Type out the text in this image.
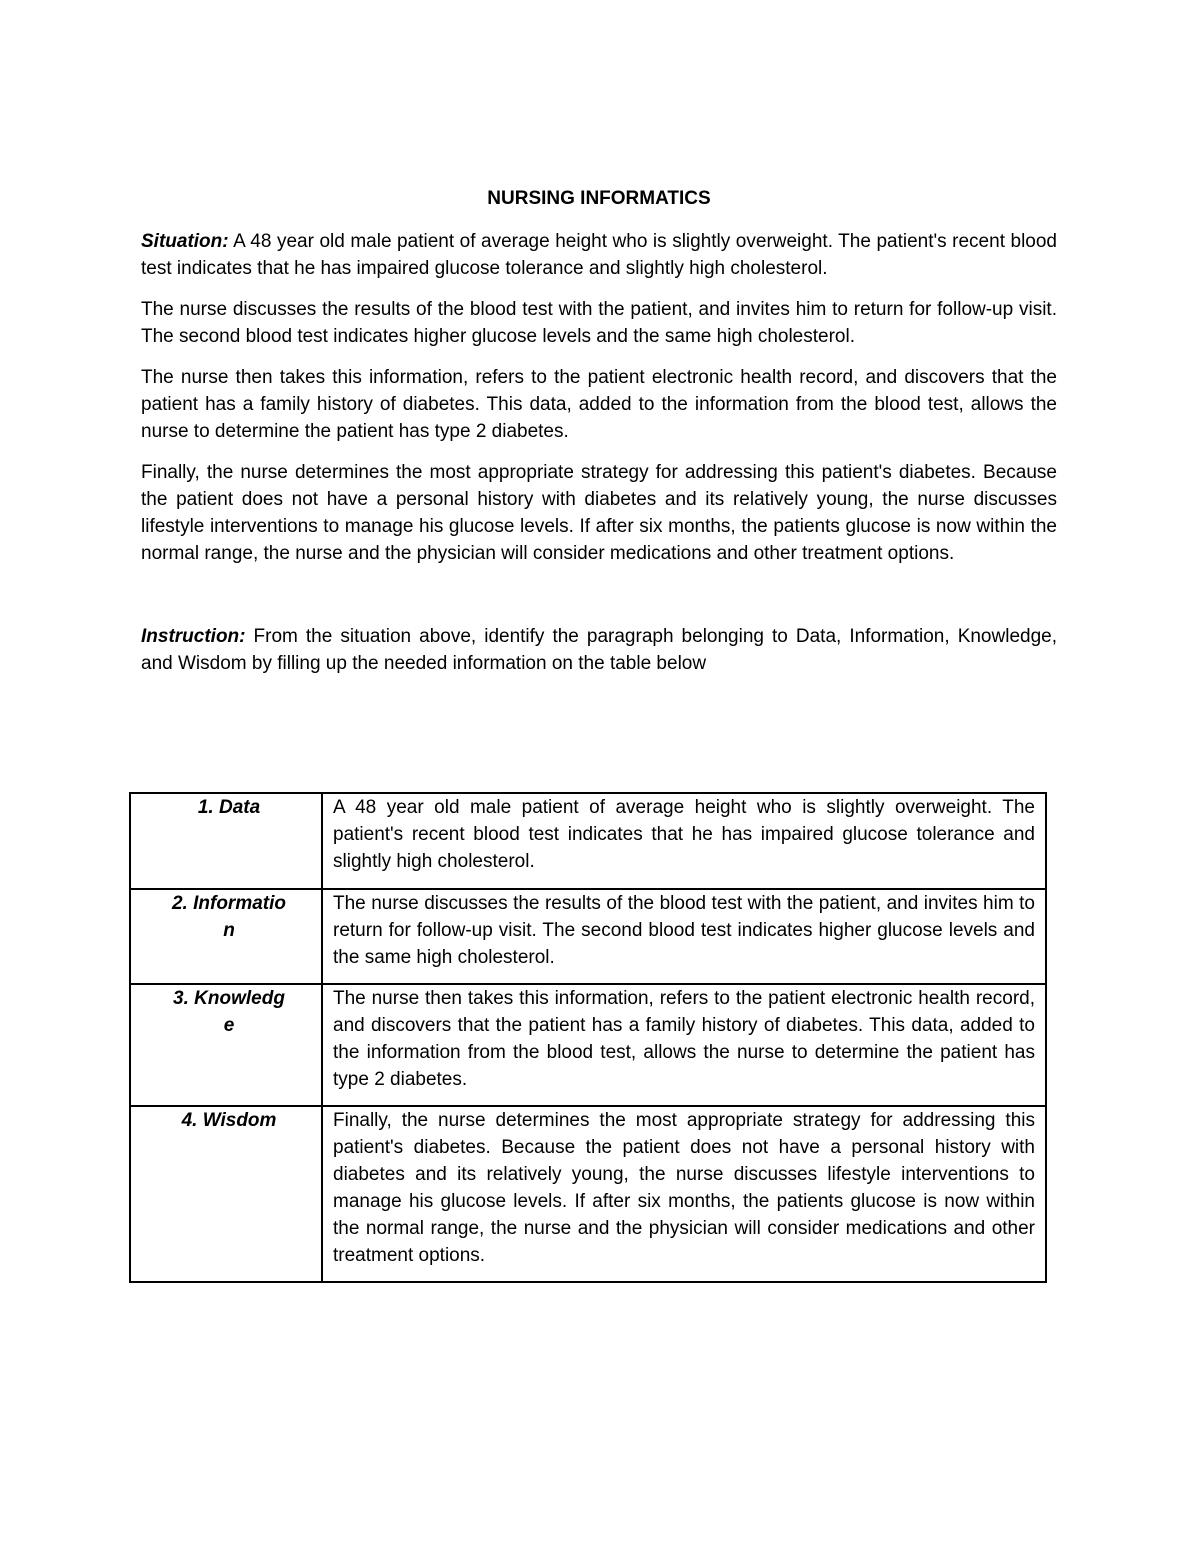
NURSING INFORMATICS

Situation: A 48 year old male patient of average height who is slightly overweight. The patient's recent blood test indicates that he has impaired glucose tolerance and slightly high cholesterol.

The nurse discusses the results of the blood test with the patient, and invites him to return for follow-up visit. The second blood test indicates higher glucose levels and the same high cholesterol.

The nurse then takes this information, refers to the patient electronic health record, and discovers that the patient has a family history of diabetes. This data, added to the information from the blood test, allows the nurse to determine the patient has type 2 diabetes.

Finally, the nurse determines the most appropriate strategy for addressing this patient's diabetes. Because the patient does not have a personal history with diabetes and its relatively young, the nurse discusses lifestyle interventions to manage his glucose levels. If after six months, the patients glucose is now within the normal range, the nurse and the physician will consider medications and other treatment options.

Instruction: From the situation above, identify the paragraph belonging to Data, Information, Knowledge, and Wisdom by filling up the needed information on the table below

1. Data	A 48 year old male patient of average height who is slightly overweight. The patient's recent blood test indicates that he has impaired glucose tolerance and slightly high cholesterol.
2. Information	The nurse discusses the results of the blood test with the patient, and invites him to return for follow-up visit. The second blood test indicates higher glucose levels and the same high cholesterol.
3. Knowledge	The nurse then takes this information, refers to the patient electronic health record, and discovers that the patient has a family history of diabetes. This data, added to the information from the blood test, allows the nurse to determine the patient has type 2 diabetes.
4. Wisdom	Finally, the nurse determines the most appropriate strategy for addressing this patient's diabetes. Because the patient does not have a personal history with diabetes and its relatively young, the nurse discusses lifestyle interventions to manage his glucose levels. If after six months, the patients glucose is now within the normal range, the nurse and the physician will consider medications and other treatment options.
